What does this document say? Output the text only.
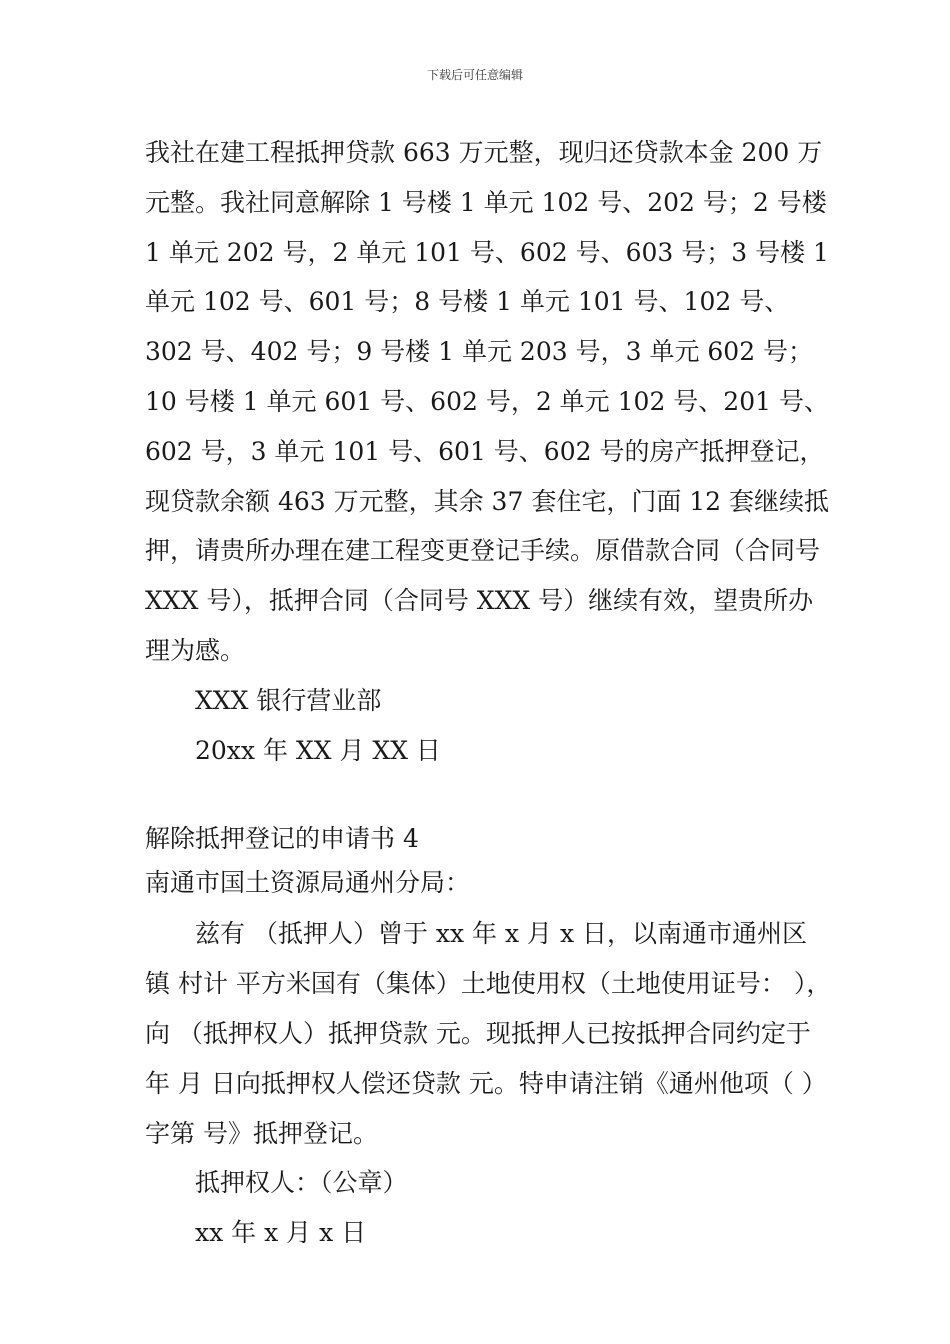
下载后可任意编辑

我社在建工程抵押贷款 663 万元整，现归还贷款本金 200 万元整。我社同意解除 1 号楼 1 单元 102 号、202 号；2 号楼 1 单元 202 号，2 单元 101 号、602 号、603 号；3 号楼 1 单元 102 号、601 号；8 号楼 1 单元 101 号、102 号、302 号、402 号；9 号楼 1 单元 203 号，3 单元 602 号；10 号楼 1 单元 601 号、602 号，2 单元 102 号、201 号、602 号，3 单元 101 号、601 号、602 号的房产抵押登记，现贷款余额 463 万元整，其余 37 套住宅，门面 12 套继续抵押，请贵所办理在建工程变更登记手续。原借款合同（合同号 XXX 号），抵押合同（合同号 XXX 号）继续有效，望贵所办理为感。

XXX 银行营业部

20xx 年 XX 月 XX 日

解除抵押登记的申请书 4

南通市国土资源局通州分局：

兹有 （抵押人）曾于 xx 年 x 月 x 日，以南通市通州区 镇 村计 平方米国有（集体）土地使用权（土地使用证号： ），向 （抵押权人）抵押贷款 元。现抵押人已按抵押合同约定于 年 月 日向抵押权人偿还贷款 元。特申请注销《通州他项（ ）字第 号》抵押登记。

抵押权人：（公章）

xx 年 x 月 x 日
